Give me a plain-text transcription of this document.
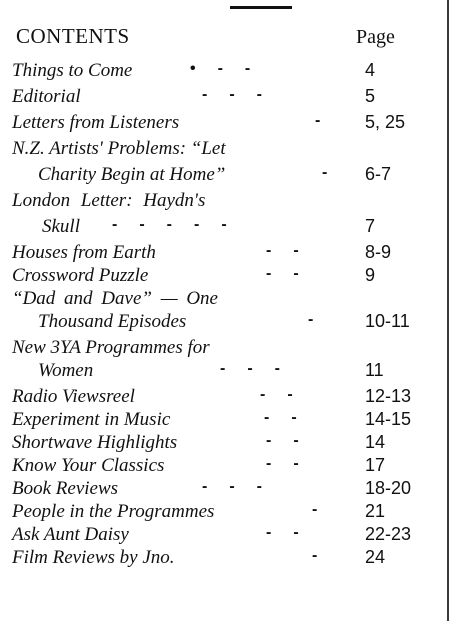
CONTENTS	Page
Things to Come	•--	4
Editorial	---	5
Letters from Listeners	- 5, 25
N.Z. Artists' Problems: “Let
Charity Begin at Home”	- 6-7
London Letter: Haydn's
Skull -----	7
Houses from Earth	-- 8-9
Crossword Puzzle	-- 9
“Dad and Dave” — One
Thousand Episodes	- 10-11
New 3YA Programmes for
Women	---	11
Radio Viewsreel	--	12-13
Experiment in Music	--	14-15
Shortwave Highlights	-- 14
Know Your Classics	-- 17
Book Reviews	---	18-20
People in the Programmes	- 21
Ask Aunt Daisy	-- 22-23
Film Reviews by Jno.	- 24
